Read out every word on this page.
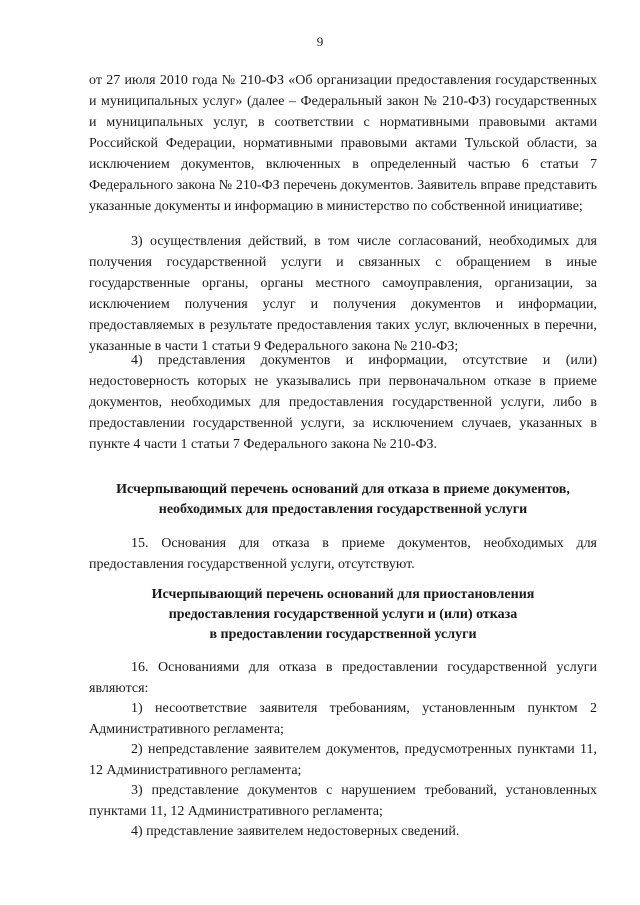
9

от 27 июля 2010 года № 210-ФЗ «Об организации предоставления государственных и муниципальных услуг» (далее – Федеральный закон № 210-ФЗ) государственных и муниципальных услуг, в соответствии с нормативными правовыми актами Российской Федерации, нормативными правовыми актами Тульской области, за исключением документов, включенных в определенный частью 6 статьи 7 Федерального закона № 210-ФЗ перечень документов. Заявитель вправе представить указанные документы и информацию в министерство по собственной инициативе;

3) осуществления действий, в том числе согласований, необходимых для получения государственной услуги и связанных с обращением в иные государственные органы, органы местного самоуправления, организации, за исключением получения услуг и получения документов и информации, предоставляемых в результате предоставления таких услуг, включенных в перечни, указанные в части 1 статьи 9 Федерального закона № 210-ФЗ;

4) представления документов и информации, отсутствие и (или) недостоверность которых не указывались при первоначальном отказе в приеме документов, необходимых для предоставления государственной услуги, либо в предоставлении государственной услуги, за исключением случаев, указанных в пункте 4 части 1 статьи 7 Федерального закона № 210-ФЗ.

Исчерпывающий перечень оснований для отказа в приеме документов,
необходимых для предоставления государственной услуги

15. Основания для отказа в приеме документов, необходимых для предоставления государственной услуги, отсутствуют.

Исчерпывающий перечень оснований для приостановления
предоставления государственной услуги и (или) отказа
в предоставлении государственной услуги

16. Основаниями для отказа в предоставлении государственной услуги являются:

1) несоответствие заявителя требованиям, установленным пунктом 2 Административного регламента;

2) непредставление заявителем документов, предусмотренных пунктами 11, 12 Административного регламента;

3) представление документов с нарушением требований, установленных пунктами 11, 12 Административного регламента;

4) представление заявителем недостоверных сведений.
